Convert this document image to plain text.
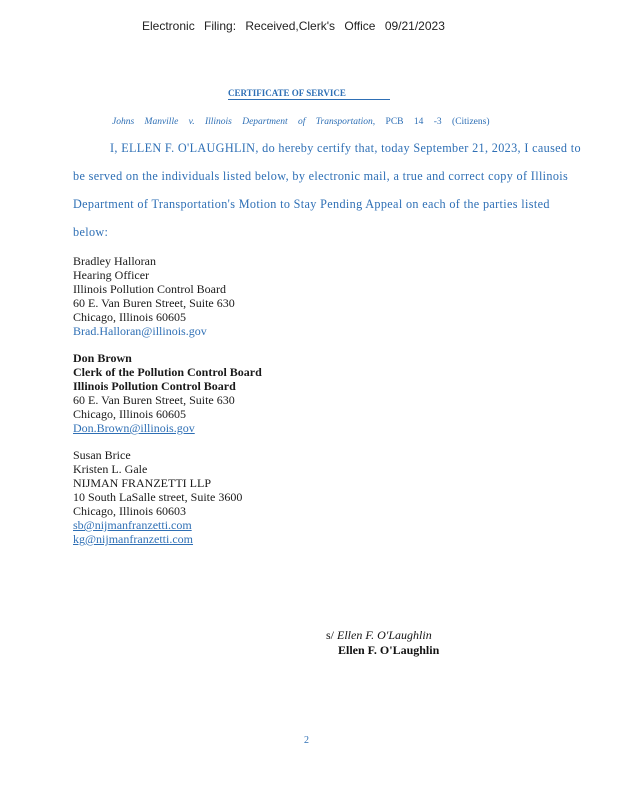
Electronic Filing: Received,Clerk's Office 09/21/2023
CERTIFICATE OF SERVICE
Johns Manville v. Illinois Department of Transportation, PCB 14 -3 (Citizens)
I, ELLEN F. O'LAUGHLIN, do hereby certify that, today September 21, 2023, I caused to
be served on the individuals listed below, by electronic mail, a true and correct copy of Illinois
Department of Transportation's Motion to Stay Pending Appeal on each of the parties listed
below:
Bradley Halloran
Hearing Officer
Illinois Pollution Control Board
60 E. Van Buren Street, Suite 630
Chicago, Illinois 60605
Brad.Halloran@illinois.gov
Don Brown
Clerk of the Pollution Control Board
Illinois Pollution Control Board
60 E. Van Buren Street, Suite 630
Chicago, Illinois 60605
Don.Brown@illinois.gov
Susan Brice
Kristen L. Gale
NIJMAN FRANZETTI LLP
10 South LaSalle street, Suite 3600
Chicago, Illinois 60603
sb@nijmanfranzetti.com
kg@nijmanfranzetti.com
s/ Ellen F. O'Laughlin
Ellen F. O'Laughlin
2
